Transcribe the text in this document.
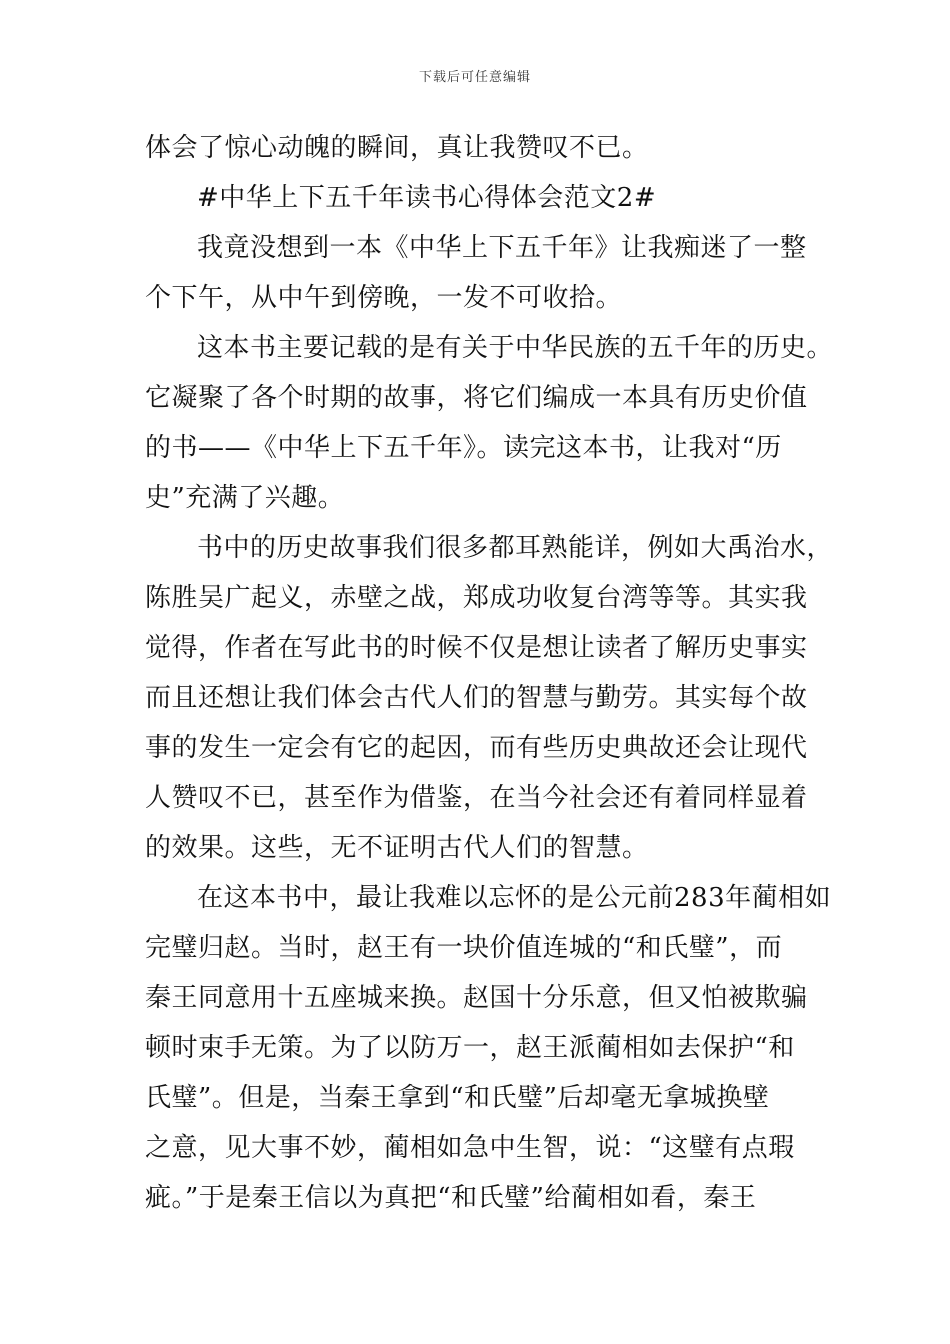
下载后可任意编辑
体会了惊心动魄的瞬间，真让我赞叹不已。
#中华上下五千年读书心得体会范文2#
我竟没想到一本《中华上下五千年》让我痴迷了一整
个下午，从中午到傍晚，一发不可收拾。
这本书主要记载的是有关于中华民族的五千年的历史。
它凝聚了各个时期的故事，将它们编成一本具有历史价值
的书——《中华上下五千年》。读完这本书，让我对“历
史”充满了兴趣。
书中的历史故事我们很多都耳熟能详，例如大禹治水，
陈胜吴广起义，赤壁之战，郑成功收复台湾等等。其实我
觉得，作者在写此书的时候不仅是想让读者了解历史事实
而且还想让我们体会古代人们的智慧与勤劳。其实每个故
事的发生一定会有它的起因，而有些历史典故还会让现代
人赞叹不已，甚至作为借鉴，在当今社会还有着同样显着
的效果。这些，无不证明古代人们的智慧。
在这本书中，最让我难以忘怀的是公元前283年蔺相如
完璧归赵。当时，赵王有一块价值连城的“和氏璧”，而
秦王同意用十五座城来换。赵国十分乐意，但又怕被欺骗
顿时束手无策。为了以防万一，赵王派蔺相如去保护“和
氏璧”。但是，当秦王拿到“和氏璧”后却毫无拿城换壁
之意，见大事不妙，蔺相如急中生智，说：“这璧有点瑕
疵。”于是秦王信以为真把“和氏璧”给蔺相如看，秦王
